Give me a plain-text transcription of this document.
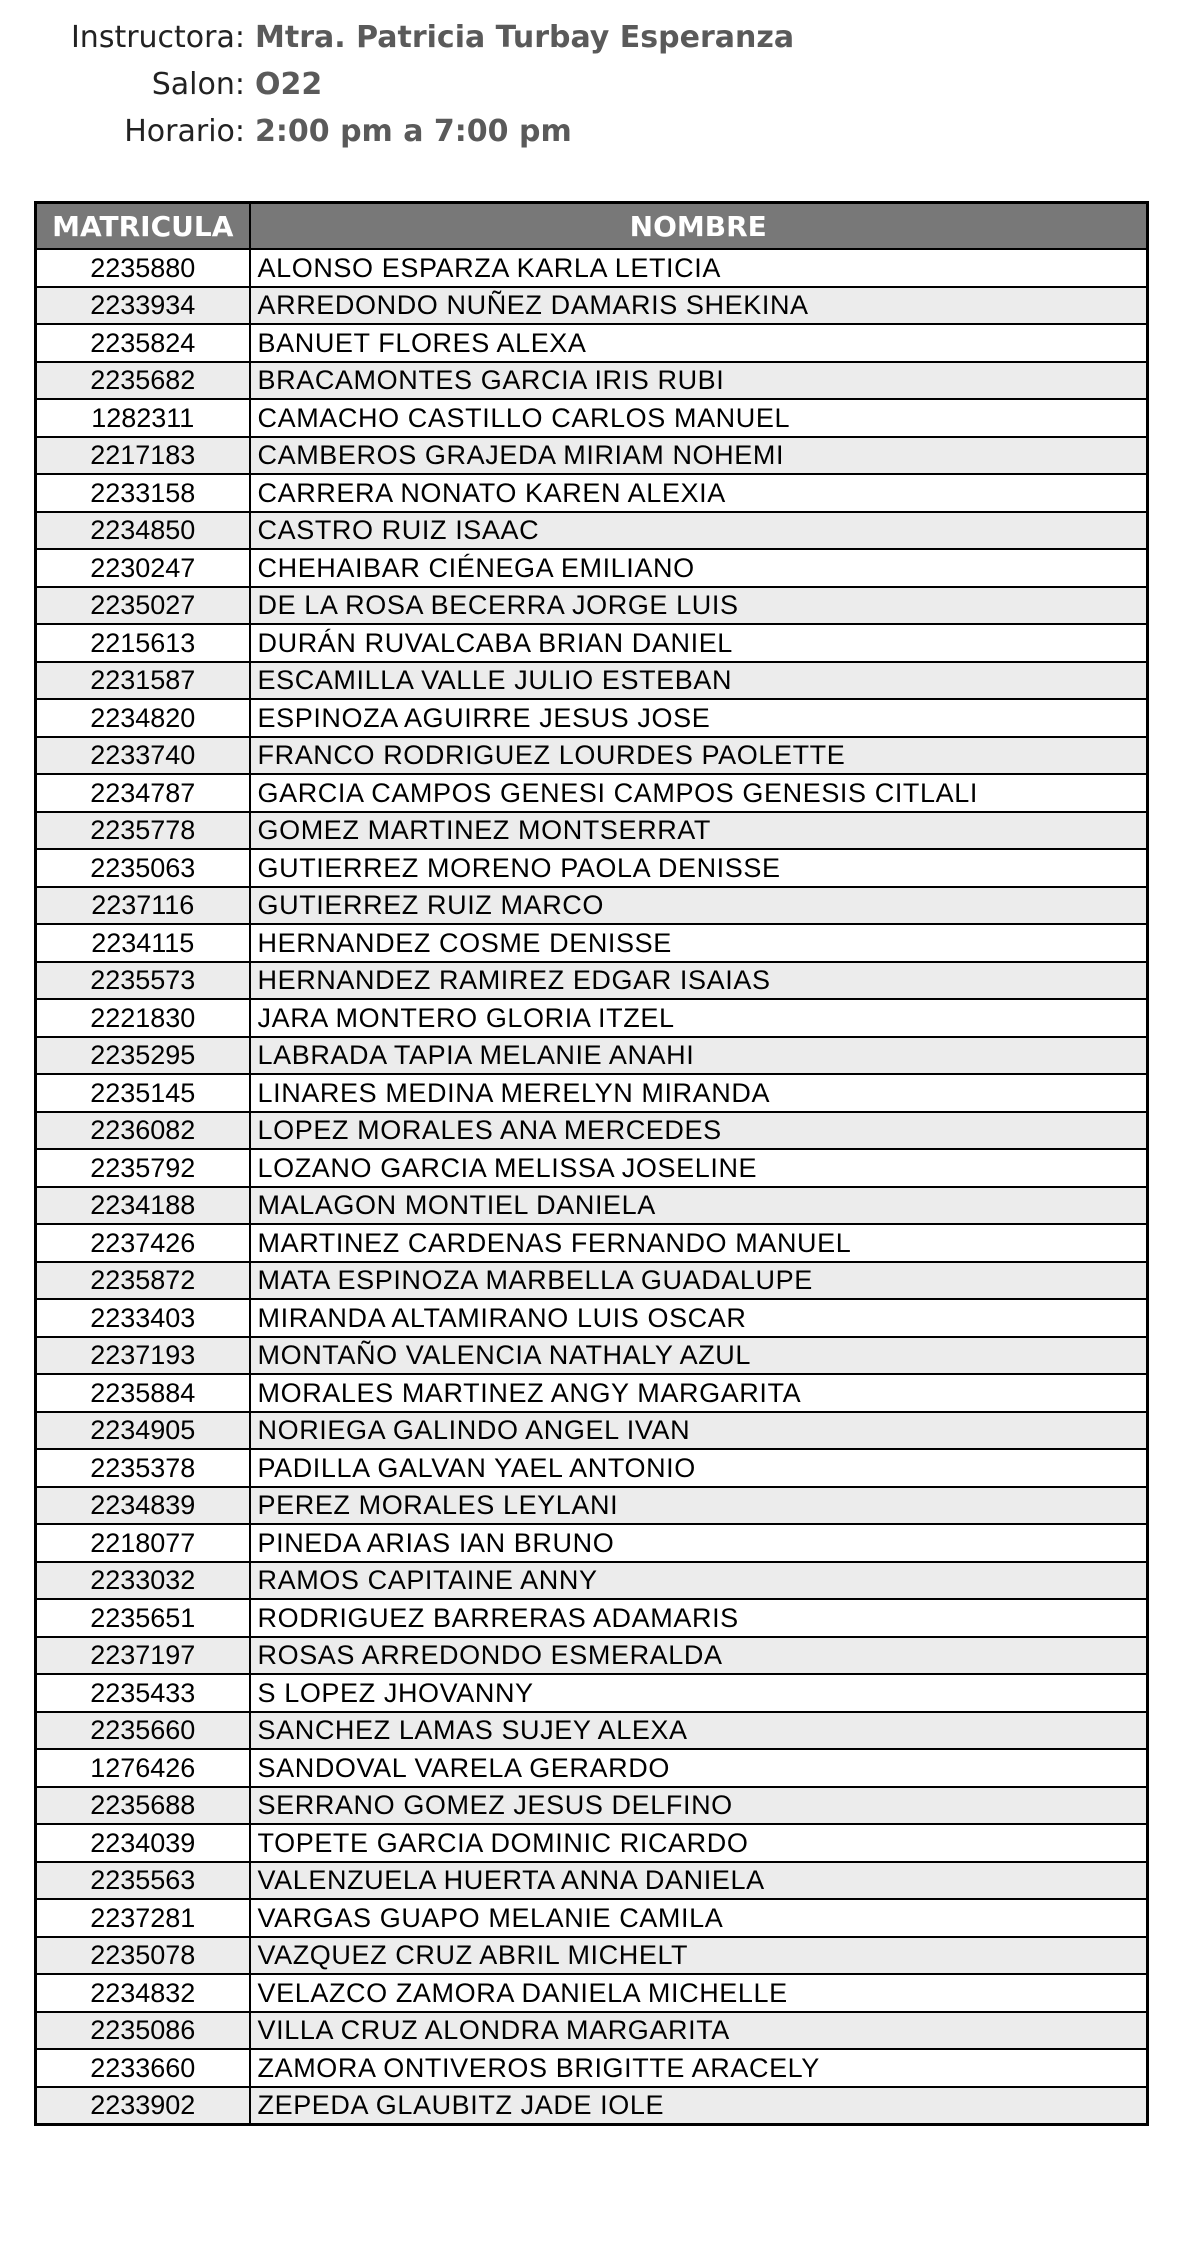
Instructora: Mtra. Patricia Turbay Esperanza
Salon: O22
Horario: 2:00 pm a 7:00 pm
MATRICULA	NOMBRE
2235880	ALONSO ESPARZA KARLA LETICIA
2233934	ARREDONDO NUÑEZ DAMARIS SHEKINA
2235824	BANUET FLORES ALEXA
2235682	BRACAMONTES GARCIA IRIS RUBI
1282311	CAMACHO CASTILLO CARLOS MANUEL
2217183	CAMBEROS GRAJEDA MIRIAM NOHEMI
2233158	CARRERA NONATO KAREN ALEXIA
2234850	CASTRO RUIZ ISAAC
2230247	CHEHAIBAR CIÉNEGA EMILIANO
2235027	DE LA ROSA BECERRA JORGE LUIS
2215613	DURÁN RUVALCABA BRIAN DANIEL
2231587	ESCAMILLA VALLE JULIO ESTEBAN
2234820	ESPINOZA AGUIRRE JESUS JOSE
2233740	FRANCO RODRIGUEZ LOURDES PAOLETTE
2234787	GARCIA CAMPOS GENESI CAMPOS GENESIS CITLALI
2235778	GOMEZ MARTINEZ MONTSERRAT
2235063	GUTIERREZ MORENO PAOLA DENISSE
2237116	GUTIERREZ RUIZ MARCO
2234115	HERNANDEZ COSME DENISSE
2235573	HERNANDEZ RAMIREZ EDGAR ISAIAS
2221830	JARA MONTERO GLORIA ITZEL
2235295	LABRADA TAPIA MELANIE ANAHI
2235145	LINARES MEDINA MERELYN MIRANDA
2236082	LOPEZ MORALES ANA MERCEDES
2235792	LOZANO GARCIA MELISSA JOSELINE
2234188	MALAGON MONTIEL DANIELA
2237426	MARTINEZ CARDENAS FERNANDO MANUEL
2235872	MATA ESPINOZA MARBELLA GUADALUPE
2233403	MIRANDA ALTAMIRANO LUIS OSCAR
2237193	MONTAÑO VALENCIA NATHALY AZUL
2235884	MORALES MARTINEZ ANGY MARGARITA
2234905	NORIEGA GALINDO ANGEL IVAN
2235378	PADILLA GALVAN YAEL ANTONIO
2234839	PEREZ MORALES LEYLANI
2218077	PINEDA ARIAS IAN BRUNO
2233032	RAMOS CAPITAINE ANNY
2235651	RODRIGUEZ BARRERAS ADAMARIS
2237197	ROSAS ARREDONDO ESMERALDA
2235433	S LOPEZ JHOVANNY
2235660	SANCHEZ LAMAS SUJEY ALEXA
1276426	SANDOVAL VARELA GERARDO
2235688	SERRANO GOMEZ JESUS DELFINO
2234039	TOPETE GARCIA DOMINIC RICARDO
2235563	VALENZUELA HUERTA ANNA DANIELA
2237281	VARGAS GUAPO MELANIE CAMILA
2235078	VAZQUEZ CRUZ ABRIL MICHELT
2234832	VELAZCO ZAMORA DANIELA MICHELLE
2235086	VILLA CRUZ ALONDRA MARGARITA
2233660	ZAMORA ONTIVEROS BRIGITTE ARACELY
2233902	ZEPEDA GLAUBITZ JADE IOLE
